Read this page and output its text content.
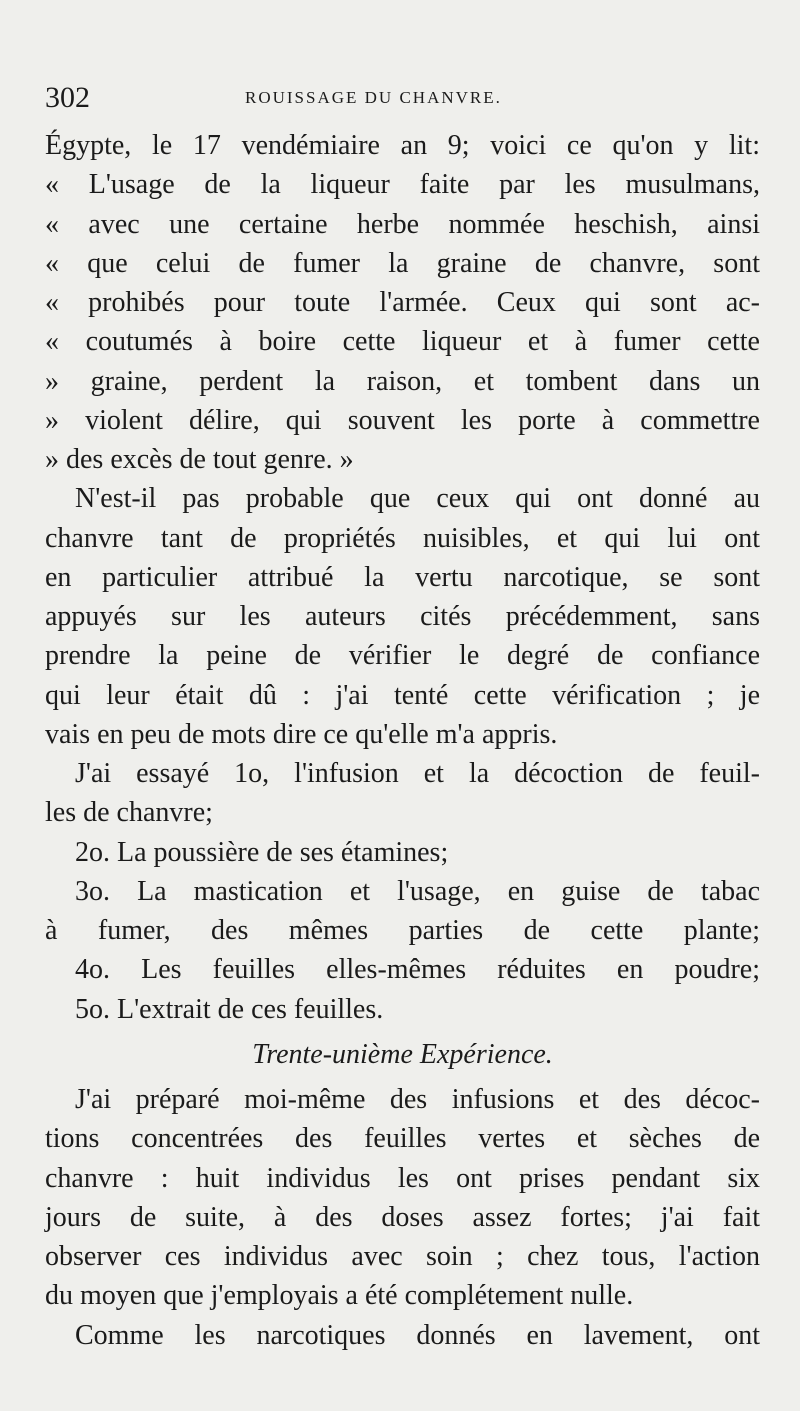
302	ROUISSAGE DU CHANVRE.
Égypte, le 17 vendémiaire an 9; voici ce qu'on y lit:
« L'usage de la liqueur faite par les musulmans,
« avec une certaine herbe nommée heschish, ainsi
« que celui de fumer la graine de chanvre, sont
« prohibés pour toute l'armée. Ceux qui sont ac-
« coutumés à boire cette liqueur et à fumer cette
» graine, perdent la raison, et tombent dans un
» violent délire, qui souvent les porte à commettre
» des excès de tout genre. »
N'est-il pas probable que ceux qui ont donné au
chanvre tant de propriétés nuisibles, et qui lui ont
en particulier attribué la vertu narcotique, se sont
appuyés sur les auteurs cités précédemment, sans
prendre la peine de vérifier le degré de confiance
qui leur était dû : j'ai tenté cette vérification ; je
vais en peu de mots dire ce qu'elle m'a appris.
J'ai essayé 1o, l'infusion et la décoction de feuil-
les de chanvre;
2o. La poussière de ses étamines;
3o. La mastication et l'usage, en guise de tabac
à fumer, des mêmes parties de cette plante;
4o. Les feuilles elles-mêmes réduites en poudre;
5o. L'extrait de ces feuilles.
Trente-unième Expérience.
J'ai préparé moi-même des infusions et des décoc-
tions concentrées des feuilles vertes et sèches de
chanvre : huit individus les ont prises pendant six
jours de suite, à des doses assez fortes; j'ai fait
observer ces individus avec soin ; chez tous, l'action
du moyen que j'employais a été complétement nulle.
Comme les narcotiques donnés en lavement, ont
